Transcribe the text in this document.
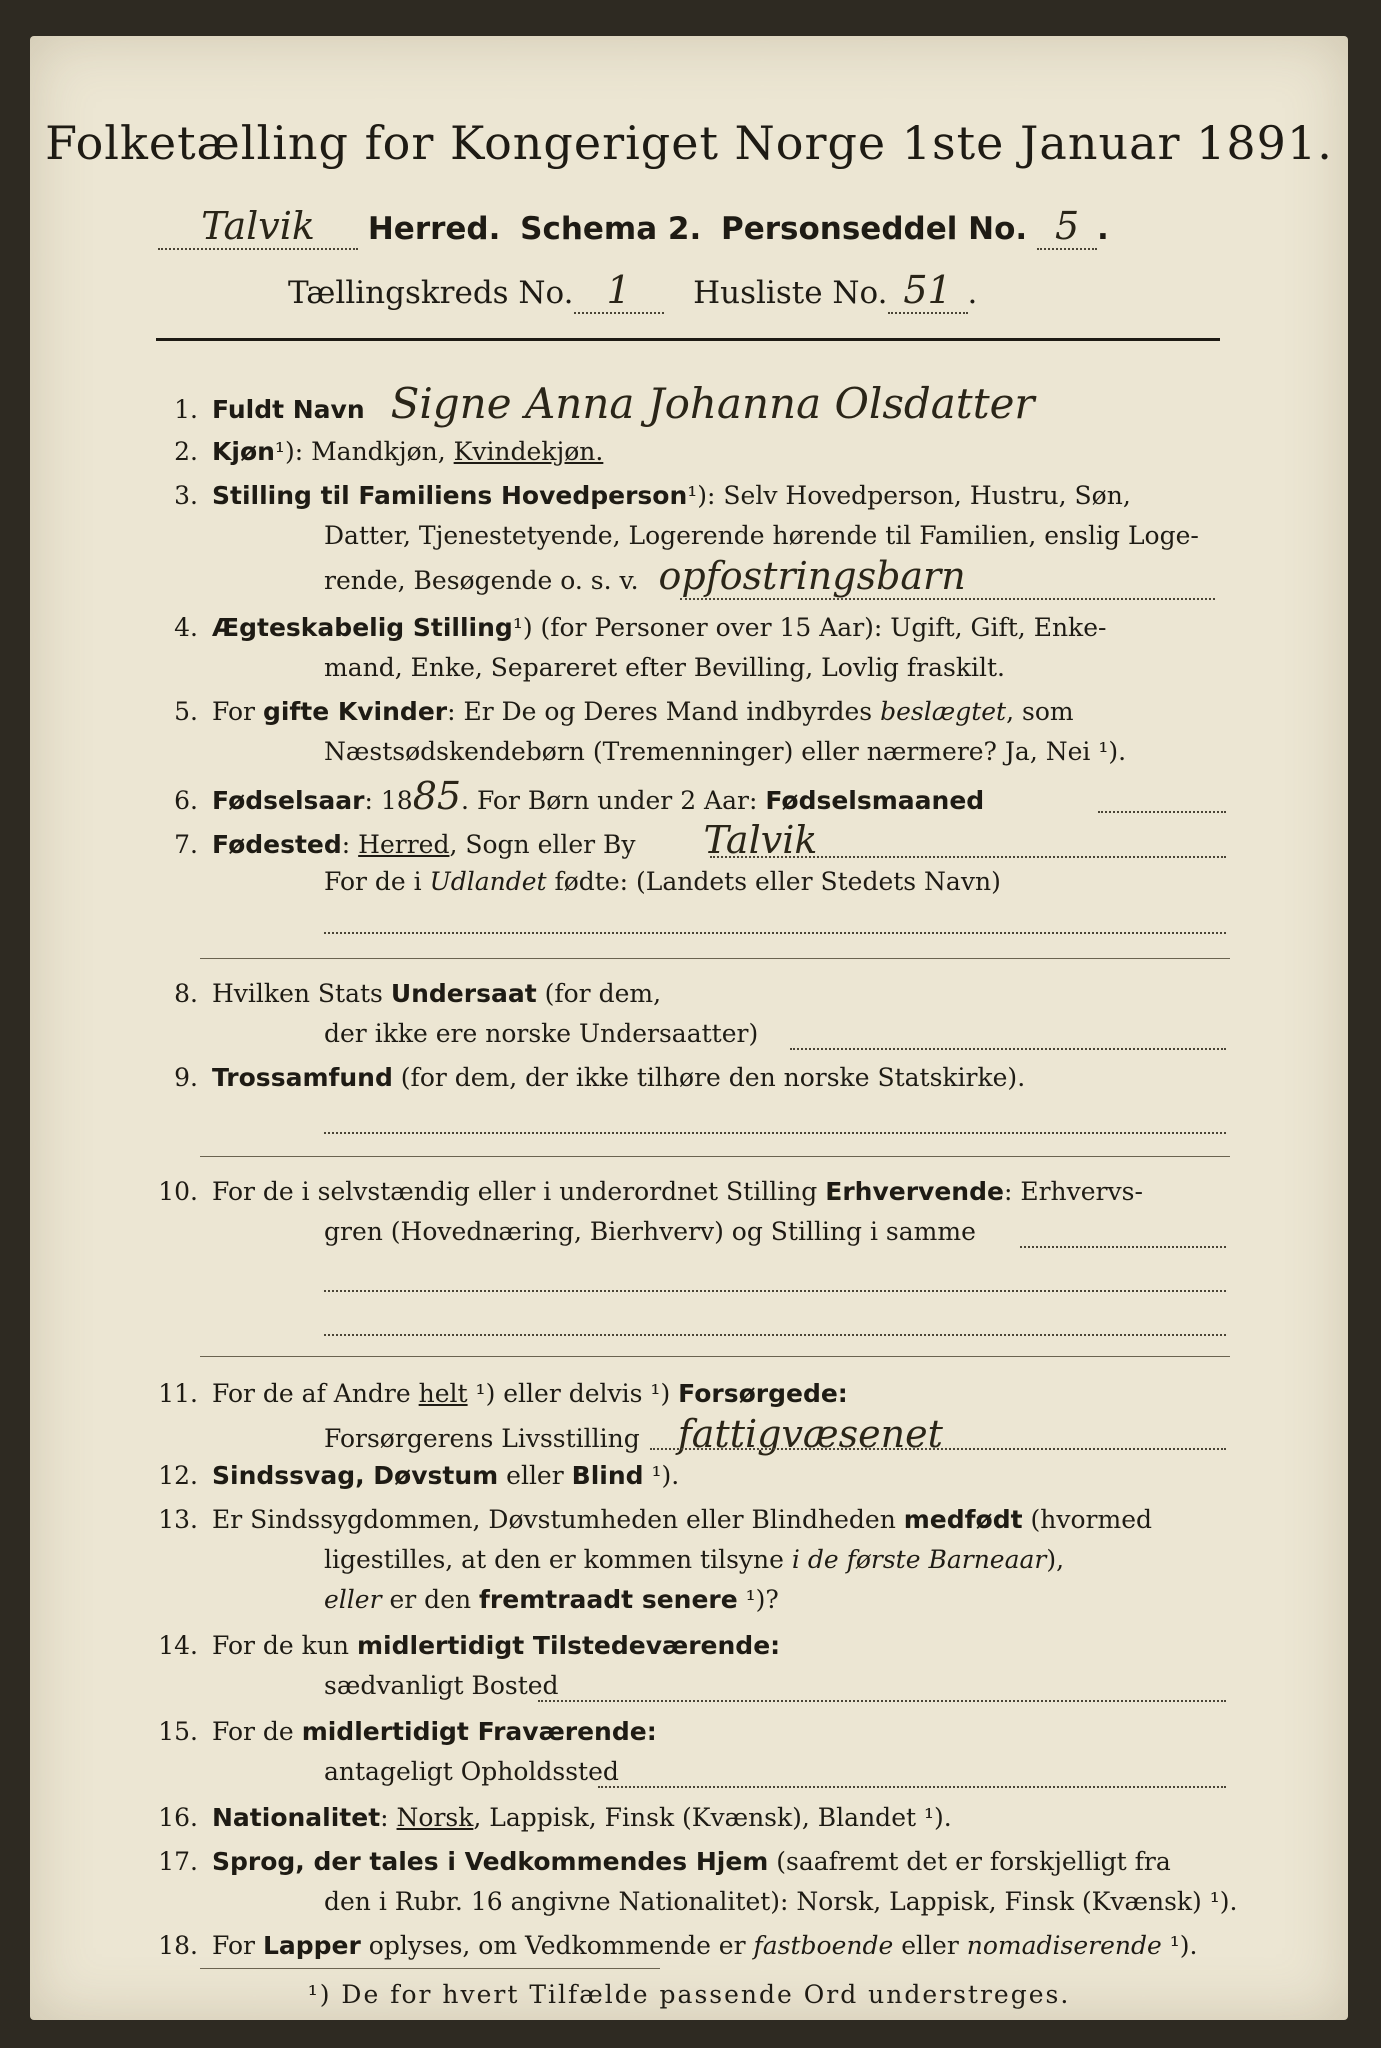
Folketælling for Kongeriget Norge 1ste Januar 1891.
Talvik Herred. Schema 2. Personseddel No. 5 .
Tællingskreds No. 1 Husliste No. 51 .
1. Fuldt Navn Signe Anna Johanna Olsdatter
2. Kjøn¹): Mandkjøn, Kvindekjøn.
3. Stilling til Familiens Hovedperson¹): Selv Hovedperson, Hustru, Søn,
Datter, Tjenestetyende, Logerende hørende til Familien, enslig Loge-
rende, Besøgende o. s. v. opfostringsbarn
4. Ægteskabelig Stilling¹) (for Personer over 15 Aar): Ugift, Gift, Enke-
mand, Enke, Separeret efter Bevilling, Lovlig fraskilt.
5. For gifte Kvinder: Er De og Deres Mand indbyrdes beslægtet, som
Næstsødskendebørn (Tremenninger) eller nærmere? Ja, Nei ¹).
6. Fødselsaar: 1885. For Børn under 2 Aar: Fødselsmaaned
7. Fødested: Herred, Sogn eller By Talvik
For de i Udlandet fødte: (Landets eller Stedets Navn)
8. Hvilken Stats Undersaat (for dem,
der ikke ere norske Undersaatter)
9. Trossamfund (for dem, der ikke tilhøre den norske Statskirke).
10. For de i selvstændig eller i underordnet Stilling Erhvervende: Erhvervs-
gren (Hovednæring, Bierhverv) og Stilling i samme
11. For de af Andre helt ¹) eller delvis ¹) Forsørgede:
Forsørgerens Livsstilling fattigvæsenet
12. Sindssvag, Døvstum eller Blind ¹).
13. Er Sindssygdommen, Døvstumheden eller Blindheden medfødt (hvormed
ligestilles, at den er kommen tilsyne i de første Barneaar),
eller er den fremtraadt senere ¹)?
14. For de kun midlertidigt Tilstedeværende:
sædvanligt Bosted
15. For de midlertidigt Fraværende:
antageligt Opholdssted
16. Nationalitet: Norsk, Lappisk, Finsk (Kvænsk), Blandet ¹).
17. Sprog, der tales i Vedkommendes Hjem (saafremt det er forskjelligt fra
den i Rubr. 16 angivne Nationalitet): Norsk, Lappisk, Finsk (Kvænsk) ¹).
18. For Lapper oplyses, om Vedkommende er fastboende eller nomadiserende ¹).
¹) De for hvert Tilfælde passende Ord understreges.
